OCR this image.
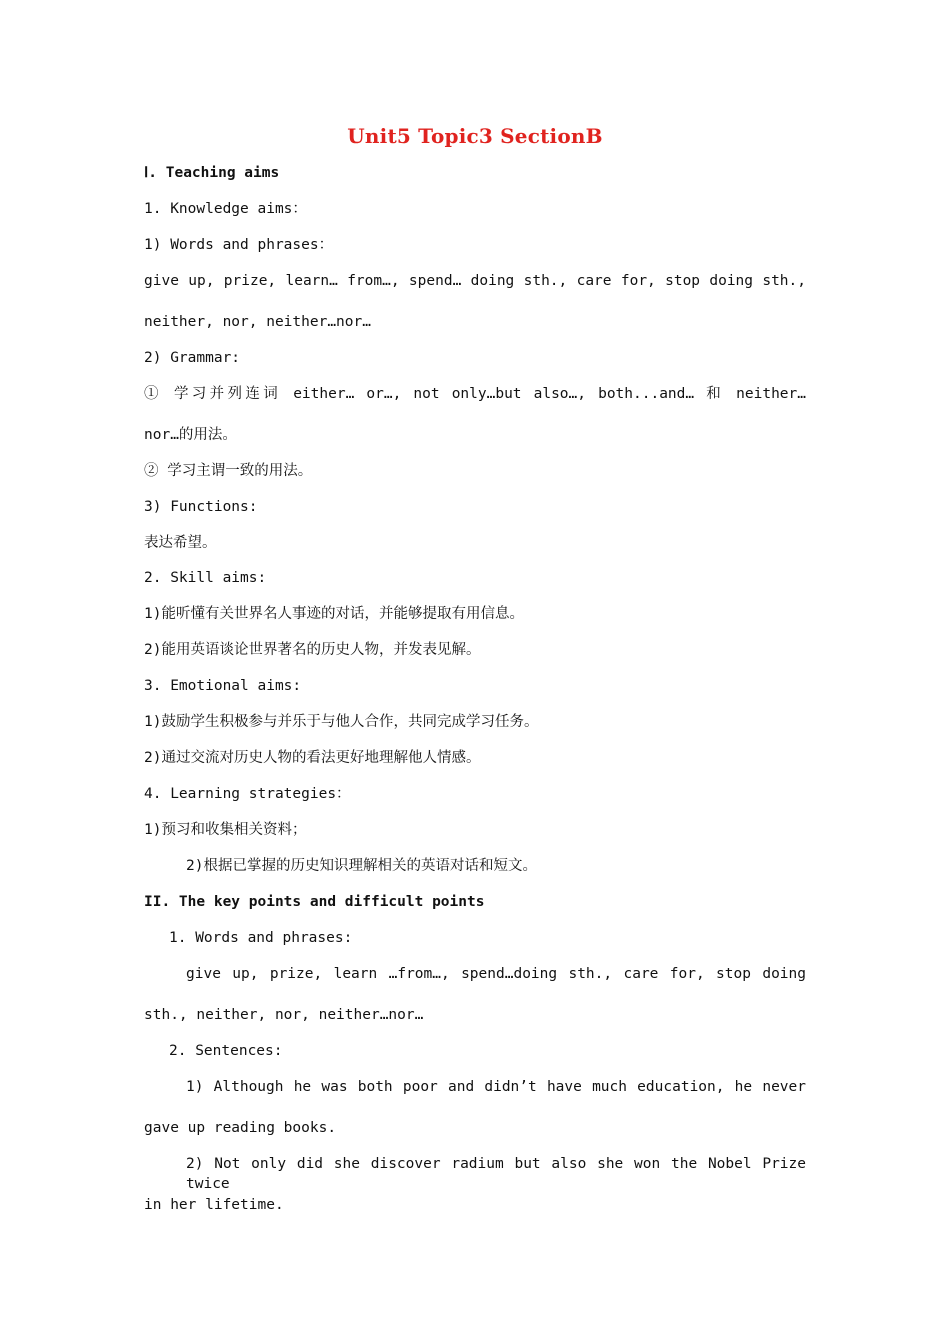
Unit5 Topic3 SectionB
Ⅰ. Teaching aims
1. Knowledge aims：
1) Words and phrases：
give up, prize, learn… from…, spend… doing sth., care for, stop doing sth.,
neither, nor, neither…nor…
2) Grammar:
① 学习并列连词 either… or…, not only…but also…, both...and… 和 neither…
nor…的用法。
② 学习主谓一致的用法。
3) Functions:
表达希望。
2. Skill aims:
1)能听懂有关世界名人事迹的对话，并能够提取有用信息。
2)能用英语谈论世界著名的历史人物，并发表见解。
3. Emotional aims:
1)鼓励学生积极参与并乐于与他人合作，共同完成学习任务。
2)通过交流对历史人物的看法更好地理解他人情感。
4. Learning strategies：
1)预习和收集相关资料；
2)根据已掌握的历史知识理解相关的英语对话和短文。
II. The key points and difficult points
1. Words and phrases:
give up, prize, learn …from…, spend…doing sth., care for, stop doing
sth., neither, nor, neither…nor…
2. Sentences:
1) Although he was both poor and didn’t have much education, he never
gave up reading books.
2) Not only did she discover radium but also she won the Nobel Prize twice
in her lifetime.
